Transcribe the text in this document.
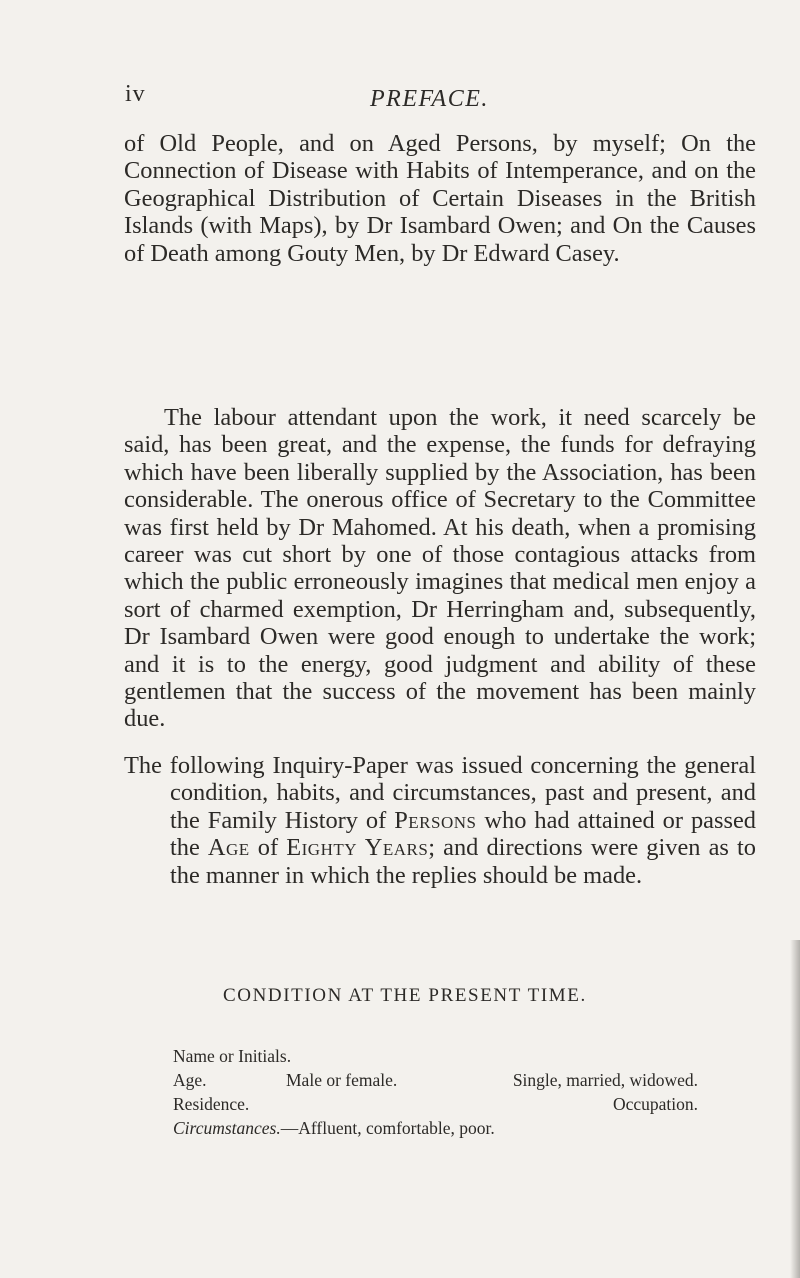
iv	PREFACE.

of Old People, and on Aged Persons, by myself; On the Connection of Disease with Habits of Intemperance, and on the Geographical Distribution of Certain Diseases in the British Islands (with Maps), by Dr Isambard Owen; and On the Causes of Death among Gouty Men, by Dr Edward Casey.

The labour attendant upon the work, it need scarcely be said, has been great, and the expense, the funds for defraying which have been liberally supplied by the Association, has been considerable. The onerous office of Secretary to the Committee was first held by Dr Mahomed. At his death, when a promising career was cut short by one of those contagious attacks from which the public erroneously imagines that medical men enjoy a sort of charmed exemption, Dr Herringham and, subsequently, Dr Isambard Owen were good enough to undertake the work; and it is to the energy, good judgment and ability of these gentlemen that the success of the movement has been mainly due.

The following Inquiry-Paper was issued concerning the general condition, habits, and circumstances, past and present, and the Family History of Persons who had attained or passed the Age of Eighty Years; and directions were given as to the manner in which the replies should be made.

CONDITION AT THE PRESENT TIME.
Name or Initials.
Age.	Male or female.	Single, married, widowed.
Residence.	Occupation.
Circumstances.—Affluent, comfortable, poor.
